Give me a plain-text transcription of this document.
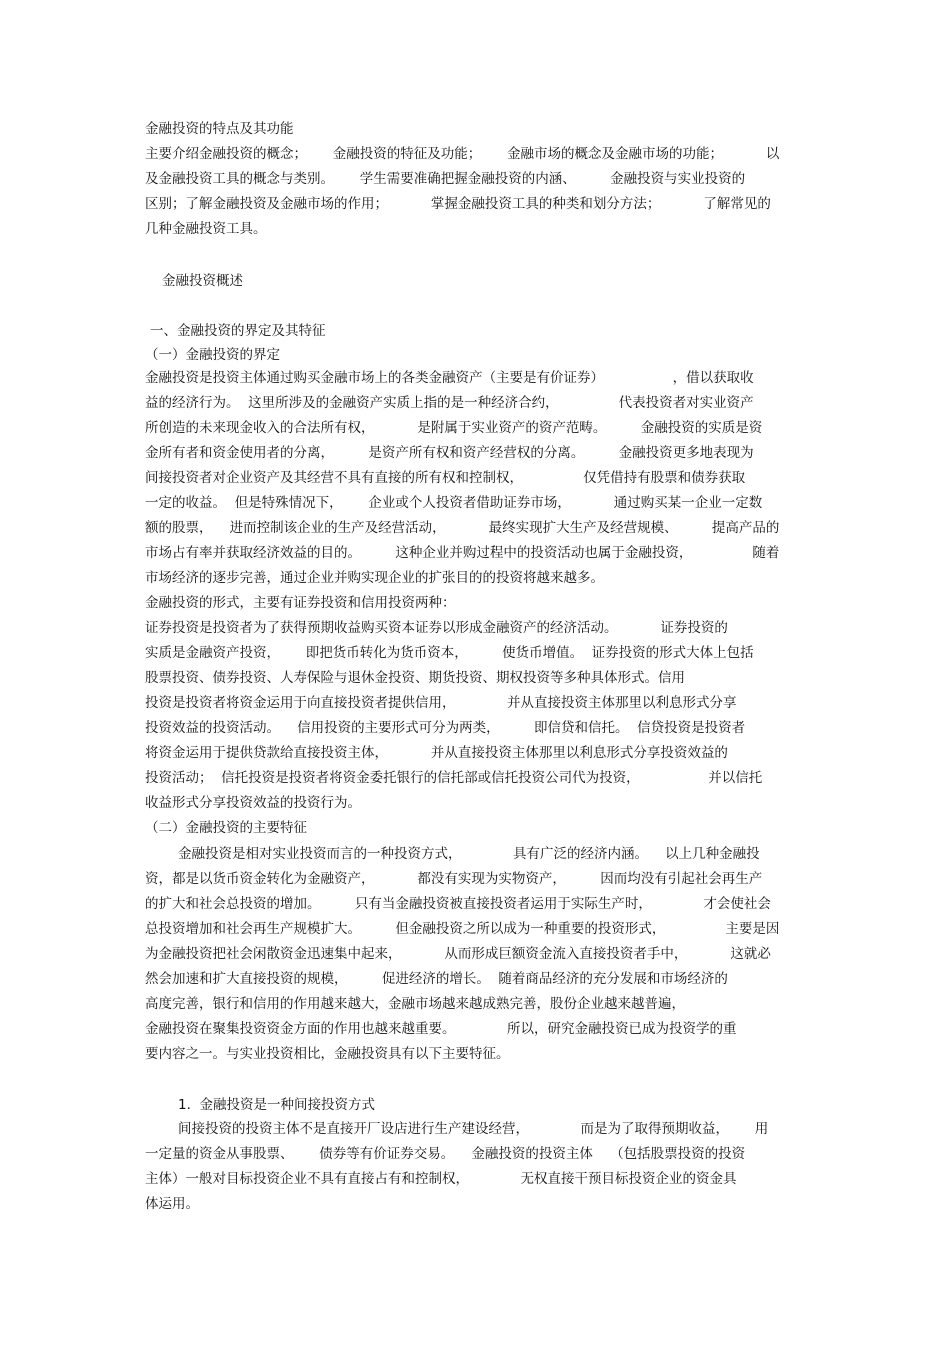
金融投资的特点及其功能
主要介绍金融投资的概念；      金融投资的特征及功能；      金融市场的概念及金融市场的功能；          以
及金融投资工具的概念与类别。      学生需要准确把握金融投资的内涵、        金融投资与实业投资的
区别；了解金融投资及金融市场的作用；          掌握金融投资工具的种类和划分方法；          了解常见的
几种金融投资工具。
金融投资概述
一、金融投资的界定及其特征
（一）金融投资的界定
金融投资是投资主体通过购买金融市场上的各类金融资产（主要是有价证券）                ，借以获取收
益的经济行为。  这里所涉及的金融资产实质上指的是一种经济合约，              代表投资者对实业资产
所创造的未来现金收入的合法所有权，          是附属于实业资产的资产范畴。        金融投资的实质是资
金所有者和资金使用者的分离，        是资产所有权和资产经营权的分离。        金融投资更多地表现为
间接投资者对企业资产及其经营不具有直接的所有权和控制权，              仅凭借持有股票和债券获取
一定的收益。  但是特殊情况下，      企业或个人投资者借助证券市场，          通过购买某一企业一定数
额的股票，    进而控制该企业的生产及经营活动，          最终实现扩大生产及经营规模、        提高产品的
市场占有率并获取经济效益的目的。        这种企业并购过程中的投资活动也属于金融投资，              随着
市场经济的逐步完善，通过企业并购实现企业的扩张目的的投资将越来越多。
金融投资的形式，主要有证券投资和信用投资两种：
证券投资是投资者为了获得预期收益购买资本证券以形成金融资产的经济活动。          证券投资的
实质是金融资产投资，      即把货币转化为货币资本，        使货币增值。  证券投资的形式大体上包括
股票投资、债券投资、人寿保险与退休金投资、期货投资、期权投资等多种具体形式。信用
投资是投资者将资金运用于向直接投资者提供信用，            并从直接投资主体那里以利息形式分享
投资效益的投资活动。    信用投资的主要形式可分为两类，        即信贷和信托。  信贷投资是投资者
将资金运用于提供贷款给直接投资主体，          并从直接投资主体那里以利息形式分享投资效益的
投资活动；  信托投资是投资者将资金委托银行的信托部或信托投资公司代为投资，                并以信托
收益形式分享投资效益的投资行为。
（二）金融投资的主要特征
金融投资是相对实业投资而言的一种投资方式，            具有广泛的经济内涵。    以上几种金融投
资，都是以货币资金转化为金融资产，          都没有实现为实物资产，        因而均没有引起社会再生产
的扩大和社会总投资的增加。        只有当金融投资被直接投资者运用于实际生产时，            才会使社会
总投资增加和社会再生产规模扩大。        但金融投资之所以成为一种重要的投资形式，              主要是因
为金融投资把社会闲散资金迅速集中起来，          从而形成巨额资金流入直接投资者手中，          这就必
然会加速和扩大直接投资的规模，        促进经济的增长。  随着商品经济的充分发展和市场经济的
高度完善，银行和信用的作用越来越大，金融市场越来越成熟完善，股份企业越来越普遍，
金融投资在聚集投资资金方面的作用也越来越重要。            所以，研究金融投资已成为投资学的重
要内容之一。与实业投资相比，金融投资具有以下主要特征。
1.  金融投资是一种间接投资方式
间接投资的投资主体不是直接开厂设店进行生产建设经营，            而是为了取得预期收益，      用
一定量的资金从事股票、      债券等有价证券交易。    金融投资的投资主体    （包括股票投资的投资
主体）一般对目标投资企业不具有直接占有和控制权，            无权直接干预目标投资企业的资金具
体运用。
